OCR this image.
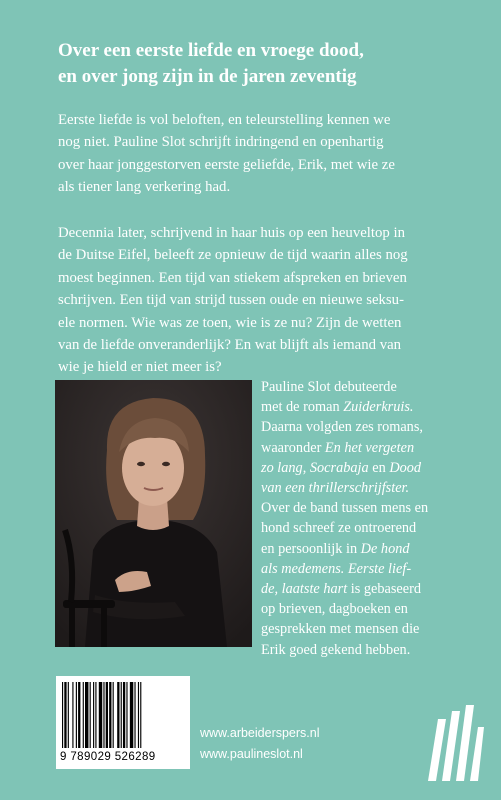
Over een eerste liefde en vroege dood,
en over jong zijn in de jaren zeventig
Eerste liefde is vol beloften, en teleurstelling kennen we
nog niet. Pauline Slot schrijft indringend en openhartig
over haar jonggestorven eerste geliefde, Erik, met wie ze
als tiener lang verkering had.
Decennia later, schrijvend in haar huis op een heuveltop in
de Duitse Eifel, beleeft ze opnieuw de tijd waarin alles nog
moest beginnen. Een tijd van stiekem afspreken en brieven
schrijven. Een tijd van strijd tussen oude en nieuwe seksu-
ele normen. Wie was ze toen, wie is ze nu? Zijn de wetten
van de liefde onveranderlijk? En wat blijft als iemand van
wie je hield er niet meer is?
Pauline Slot debuteerde
met de roman Zuiderkruis.
Daarna volgden zes romans,
waaronder En het vergeten
zo lang, Socrabaja en Dood
van een thrillerschrijfster.
Over de band tussen mens en
hond schreef ze ontroerend
en persoonlijk in De hond
als medemens. Eerste lief-
de, laatste hart is gebaseerd
op brieven, dagboeken en
gesprekken met mensen die
Erik goed gekend hebben.
9 789029 526289
www.arbeiderspers.nl
www.paulineslot.nl
